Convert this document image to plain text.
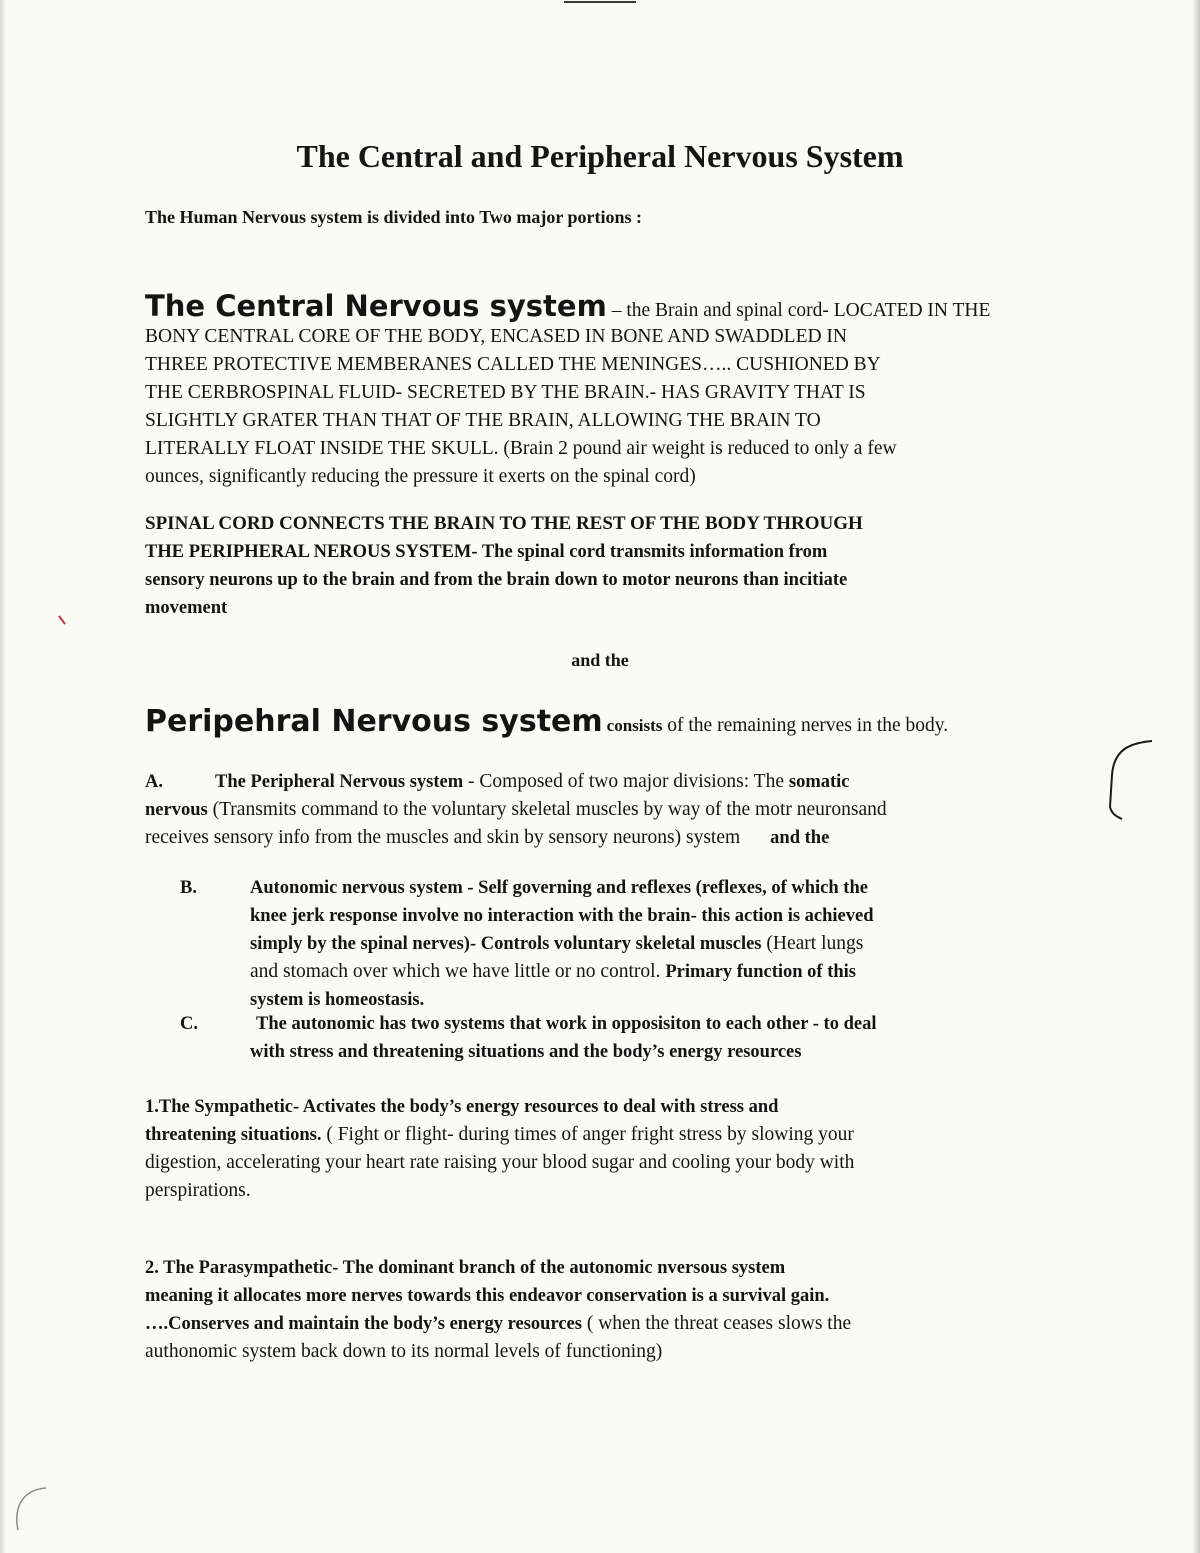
The Central and Peripheral Nervous System

The Human Nervous system is divided into Two major portions :

The Central Nervous system – the Brain and spinal cord- LOCATED IN THE
BONY CENTRAL CORE OF THE BODY, ENCASED IN BONE AND SWADDLED IN
THREE PROTECTIVE MEMBERANES CALLED THE MENINGES….. CUSHIONED BY
THE CERBROSPINAL FLUID- SECRETED BY THE BRAIN.- HAS GRAVITY THAT IS
SLIGHTLY GRATER THAN THAT OF THE BRAIN, ALLOWING THE BRAIN TO
LITERALLY FLOAT INSIDE THE SKULL. (Brain 2 pound air weight is reduced to only a few
ounces, significantly reducing the pressure it exerts on the spinal cord)
SPINAL CORD CONNECTS THE BRAIN TO THE REST OF THE BODY THROUGH
THE PERIPHERAL NEROUS SYSTEM- The spinal cord transmits information from
sensory neurons up to the brain and from the brain down to motor neurons than incitiate
movement
and the
Peripehral Nervous system consists of the remaining nerves in the body.
A.	The Peripheral Nervous system - Composed of two major divisions: The somatic
nervous (Transmits command to the voluntary skeletal muscles by way of the motr neuronsand
receives sensory info from the muscles and skin by sensory neurons) system and the
B.	Autonomic nervous system - Self governing and reflexes (reflexes, of which the
knee jerk response involve no interaction with the brain- this action is achieved
simply by the spinal nerves)- Controls voluntary skeletal muscles (Heart lungs
and stomach over which we have little or no control. Primary function of this
system is homeostasis.
C.	The autonomic has two systems that work in opposisiton to each other - to deal
with stress and threatening situations and the body’s energy resources
1.The Sympathetic- Activates the body’s energy resources to deal with stress and
threatening situations. ( Fight or flight- during times of anger fright stress by slowing your
digestion, accelerating your heart rate raising your blood sugar and cooling your body with
perspirations.
2. The Parasympathetic- The dominant branch of the autonomic nversous system
meaning it allocates more nerves towards this endeavor conservation is a survival gain.
….Conserves and maintain the body’s energy resources ( when the threat ceases slows the
authonomic system back down to its normal levels of functioning)
